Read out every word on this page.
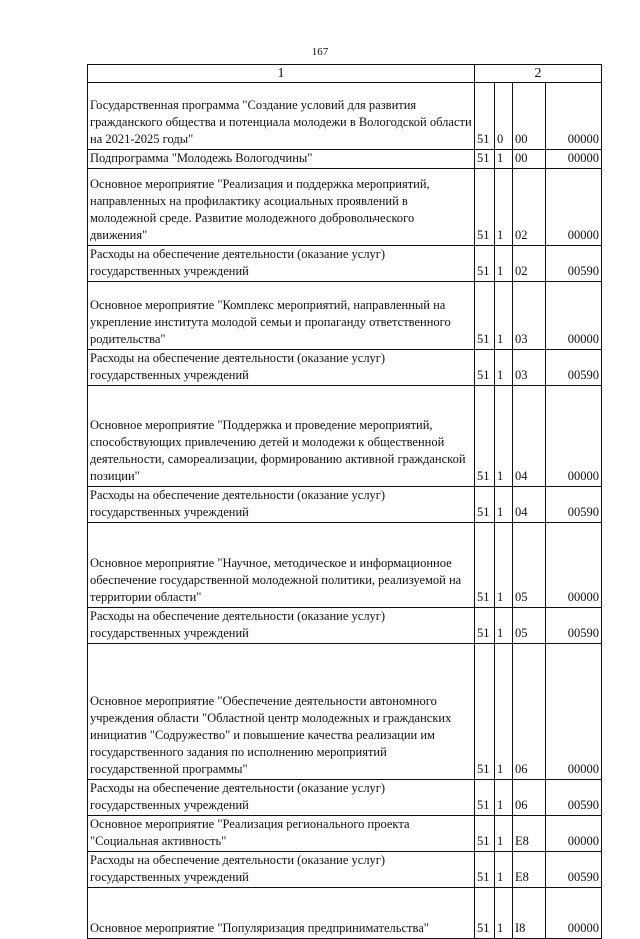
167
1	2			
Государственная программа "Создание условий для развития гражданского общества и потенциала молодежи в Вологодской области на 2021-2025 годы"	51	0	00	00000
Подпрограмма "Молодежь Вологодчины"	51	1	00	00000
Основное мероприятие "Реализация и поддержка мероприятий, направленных на профилактику асоциальных проявлений в молодежной среде. Развитие молодежного добровольческого движения"	51	1	02	00000
Расходы на обеспечение деятельности (оказание услуг) государственных учреждений	51	1	02	00590
Основное мероприятие "Комплекс мероприятий, направленный на укрепление института молодой семьи и пропаганду ответственного родительства"	51	1	03	00000
Расходы на обеспечение деятельности (оказание услуг) государственных учреждений	51	1	03	00590
Основное мероприятие "Поддержка и проведение мероприятий, способствующих привлечению детей и молодежи к общественной деятельности, самореализации, формированию активной гражданской позиции"	51	1	04	00000
Расходы на обеспечение деятельности (оказание услуг) государственных учреждений	51	1	04	00590
Основное мероприятие "Научное, методическое и информационное обеспечение государственной молодежной политики, реализуемой на территории области"	51	1	05	00000
Расходы на обеспечение деятельности (оказание услуг) государственных учреждений	51	1	05	00590
Основное мероприятие "Обеспечение деятельности автономного учреждения области "Областной центр молодежных и гражданских инициатив "Содружество" и повышение качества реализации им государственного задания по исполнению мероприятий государственной программы"	51	1	06	00000
Расходы на обеспечение деятельности (оказание услуг) государственных учреждений	51	1	06	00590
Основное мероприятие "Реализация регионального проекта "Социальная активность"	51	1	E8	00000
Расходы на обеспечение деятельности (оказание услуг) государственных учреждений	51	1	E8	00590
Основное мероприятие "Популяризация предпринимательства"	51	1	I8	00000
